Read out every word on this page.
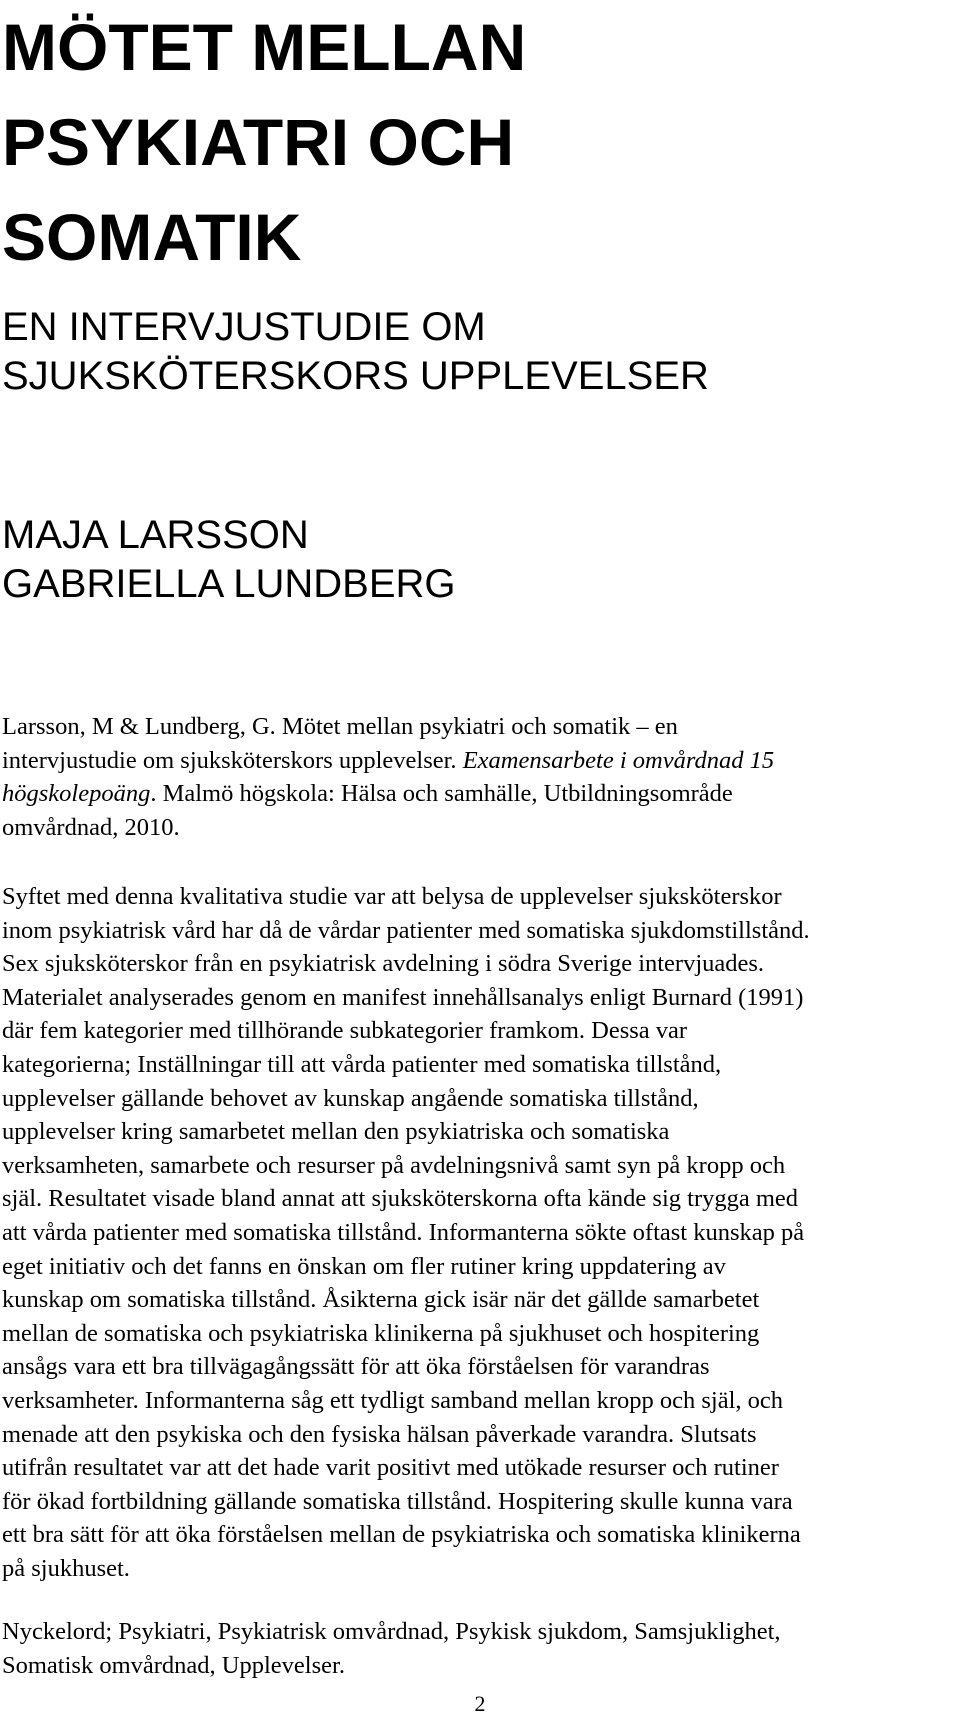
MÖTET MELLAN
PSYKIATRI OCH
SOMATIK
EN INTERVJUSTUDIE OM
SJUKSKÖTERSKORS UPPLEVELSER
MAJA LARSSON
GABRIELLA LUNDBERG

Larsson, M & Lundberg, G. Mötet mellan psykiatri och somatik – en
intervjustudie om sjuksköterskors upplevelser. Examensarbete i omvårdnad 15
högskolepoäng. Malmö högskola: Hälsa och samhälle, Utbildningsområde
omvårdnad, 2010.

Syftet med denna kvalitativa studie var att belysa de upplevelser sjuksköterskor
inom psykiatrisk vård har då de vårdar patienter med somatiska sjukdomstillstånd.
Sex sjuksköterskor från en psykiatrisk avdelning i södra Sverige intervjuades.
Materialet analyserades genom en manifest innehållsanalys enligt Burnard (1991)
där fem kategorier med tillhörande subkategorier framkom. Dessa var
kategorierna; Inställningar till att vårda patienter med somatiska tillstånd,
upplevelser gällande behovet av kunskap angående somatiska tillstånd,
upplevelser kring samarbetet mellan den psykiatriska och somatiska
verksamheten, samarbete och resurser på avdelningsnivå samt syn på kropp och
själ. Resultatet visade bland annat att sjuksköterskorna ofta kände sig trygga med
att vårda patienter med somatiska tillstånd. Informanterna sökte oftast kunskap på
eget initiativ och det fanns en önskan om fler rutiner kring uppdatering av
kunskap om somatiska tillstånd. Åsikterna gick isär när det gällde samarbetet
mellan de somatiska och psykiatriska klinikerna på sjukhuset och hospitering
ansågs vara ett bra tillvägagångssätt för att öka förståelsen för varandras
verksamheter. Informanterna såg ett tydligt samband mellan kropp och själ, och
menade att den psykiska och den fysiska hälsan påverkade varandra. Slutsats
utifrån resultatet var att det hade varit positivt med utökade resurser och rutiner
för ökad fortbildning gällande somatiska tillstånd. Hospitering skulle kunna vara
ett bra sätt för att öka förståelsen mellan de psykiatriska och somatiska klinikerna
på sjukhuset.

Nyckelord; Psykiatri, Psykiatrisk omvårdnad, Psykisk sjukdom, Samsjuklighet,
Somatisk omvårdnad, Upplevelser.

2
